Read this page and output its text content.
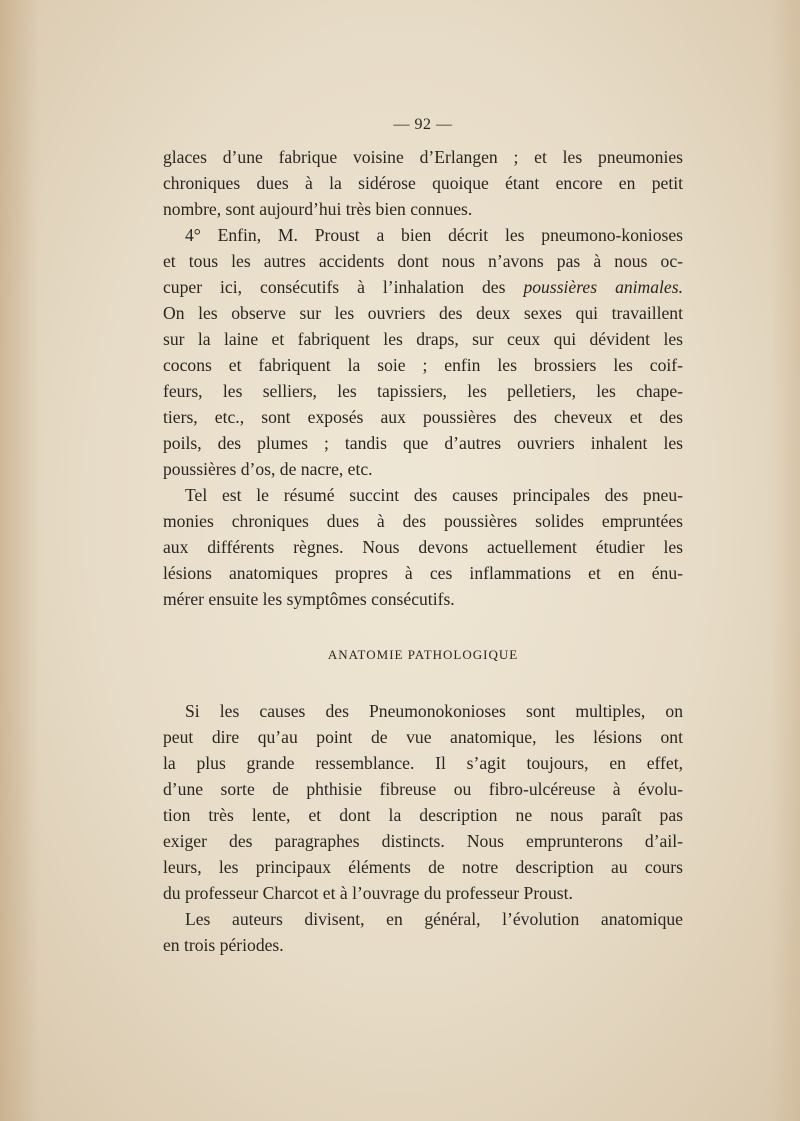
— 92 —
glaces d’une fabrique voisine d’Erlangen ; et les pneumonies
chroniques dues à la sidérose quoique étant encore en petit
nombre, sont aujourd’hui très bien connues.
4° Enfin, M. Proust a bien décrit les pneumono-konioses
et tous les autres accidents dont nous n’avons pas à nous oc-
cuper ici, consécutifs à l’inhalation des poussières animales.
On les observe sur les ouvriers des deux sexes qui travaillent
sur la laine et fabriquent les draps, sur ceux qui dévident les
cocons et fabriquent la soie ; enfin les brossiers les coif-
feurs, les selliers, les tapissiers, les pelletiers, les chape-
tiers, etc., sont exposés aux poussières des cheveux et des
poils, des plumes ; tandis que d’autres ouvriers inhalent les
poussières d’os, de nacre, etc.
Tel est le résumé succint des causes principales des pneu-
monies chroniques dues à des poussières solides empruntées
aux différents règnes. Nous devons actuellement étudier les
lésions anatomiques propres à ces inflammations et en énu-
mérer ensuite les symptômes consécutifs.
ANATOMIE PATHOLOGIQUE
Si les causes des Pneumonokonioses sont multiples, on
peut dire qu’au point de vue anatomique, les lésions ont
la plus grande ressemblance. Il s’agit toujours, en effet,
d’une sorte de phthisie fibreuse ou fibro-ulcéreuse à évolu-
tion très lente, et dont la description ne nous paraît pas
exiger des paragraphes distincts. Nous emprunterons d’ail-
leurs, les principaux éléments de notre description au cours
du professeur Charcot et à l’ouvrage du professeur Proust.
Les auteurs divisent, en général, l’évolution anatomique
en trois périodes.
